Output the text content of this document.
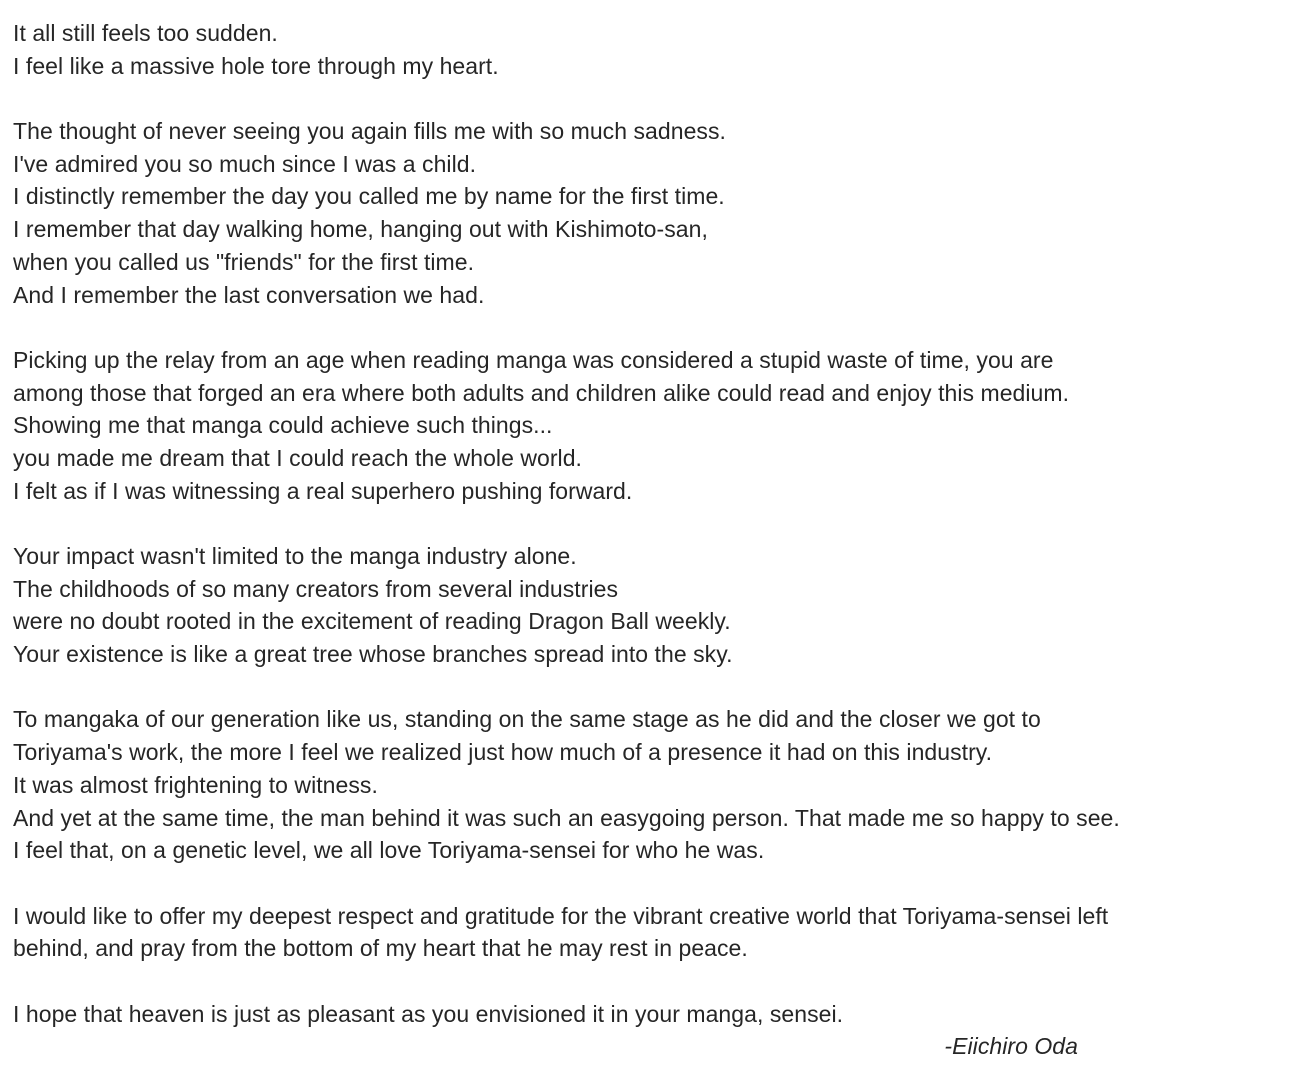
It all still feels too sudden.
I feel like a massive hole tore through my heart.
The thought of never seeing you again fills me with so much sadness.
I've admired you so much since I was a child.
I distinctly remember the day you called me by name for the first time.
I remember that day walking home, hanging out with Kishimoto-san,
when you called us "friends" for the first time.
And I remember the last conversation we had.
Picking up the relay from an age when reading manga was considered a stupid waste of time, you are
among those that forged an era where both adults and children alike could read and enjoy this medium.
Showing me that manga could achieve such things...
you made me dream that I could reach the whole world.
I felt as if I was witnessing a real superhero pushing forward.
Your impact wasn't limited to the manga industry alone.
The childhoods of so many creators from several industries
were no doubt rooted in the excitement of reading Dragon Ball weekly.
Your existence is like a great tree whose branches spread into the sky.
To mangaka of our generation like us, standing on the same stage as he did and the closer we got to
Toriyama's work, the more I feel we realized just how much of a presence it had on this industry.
It was almost frightening to witness.
And yet at the same time, the man behind it was such an easygoing person. That made me so happy to see.
I feel that, on a genetic level, we all love Toriyama-sensei for who he was.
I would like to offer my deepest respect and gratitude for the vibrant creative world that Toriyama-sensei left
behind, and pray from the bottom of my heart that he may rest in peace.
I hope that heaven is just as pleasant as you envisioned it in your manga, sensei.
-Eiichiro Oda
